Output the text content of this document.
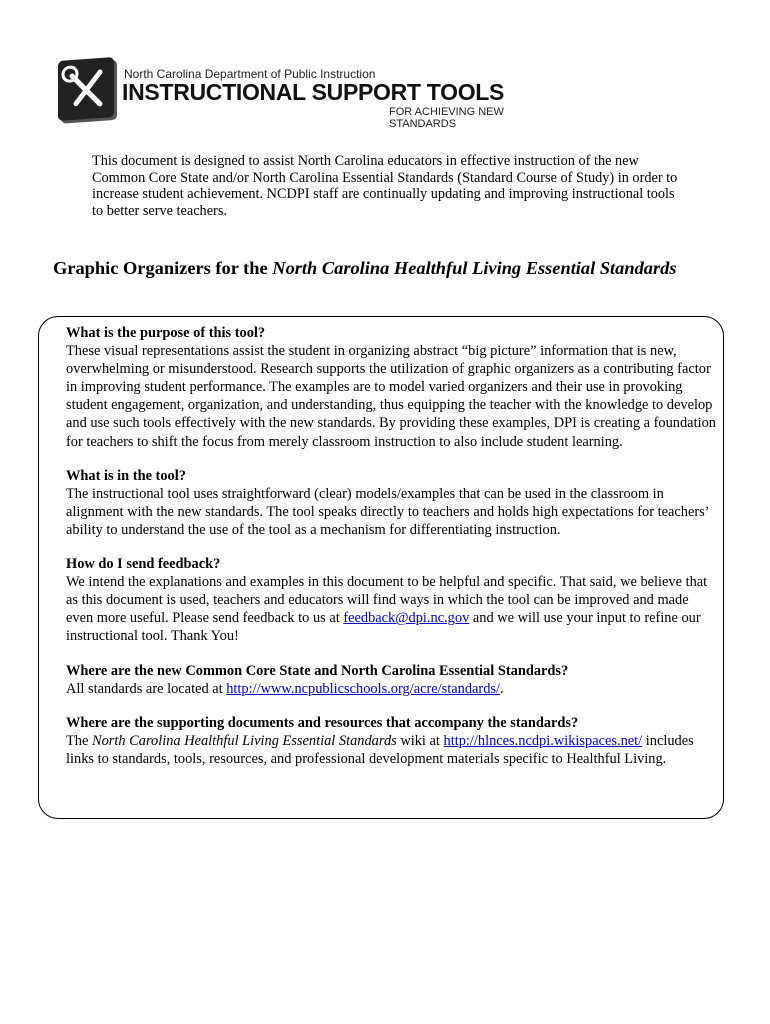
North Carolina Department of Public Instruction
INSTRUCTIONAL SUPPORT TOOLS
FOR ACHIEVING NEW STANDARDS
This document is designed to assist North Carolina educators in effective instruction of the new Common Core State and/or North Carolina Essential Standards (Standard Course of Study) in order to increase student achievement. NCDPI staff are continually updating and improving instructional tools to better serve teachers.
Graphic Organizers for the North Carolina Healthful Living Essential Standards

What is the purpose of this tool?
These visual representations assist the student in organizing abstract “big picture” information that is new, overwhelming or misunderstood. Research supports the utilization of graphic organizers as a contributing factor in improving student performance. The examples are to model varied organizers and their use in provoking student engagement, organization, and understanding, thus equipping the teacher with the knowledge to develop and use such tools effectively with the new standards. By providing these examples, DPI is creating a foundation for teachers to shift the focus from merely classroom instruction to also include student learning.

What is in the tool?
The instructional tool uses straightforward (clear) models/examples that can be used in the classroom in alignment with the new standards. The tool speaks directly to teachers and holds high expectations for teachers’ ability to understand the use of the tool as a mechanism for differentiating instruction.

How do I send feedback?
We intend the explanations and examples in this document to be helpful and specific. That said, we believe that as this document is used, teachers and educators will find ways in which the tool can be improved and made even more useful. Please send feedback to us at feedback@dpi.nc.gov and we will use your input to refine our instructional tool. Thank You!

Where are the new Common Core State and North Carolina Essential Standards?
All standards are located at http://www.ncpublicschools.org/acre/standards/.

Where are the supporting documents and resources that accompany the standards?
The North Carolina Healthful Living Essential Standards wiki at http://hlnces.ncdpi.wikispaces.net/ includes links to standards, tools, resources, and professional development materials specific to Healthful Living.
